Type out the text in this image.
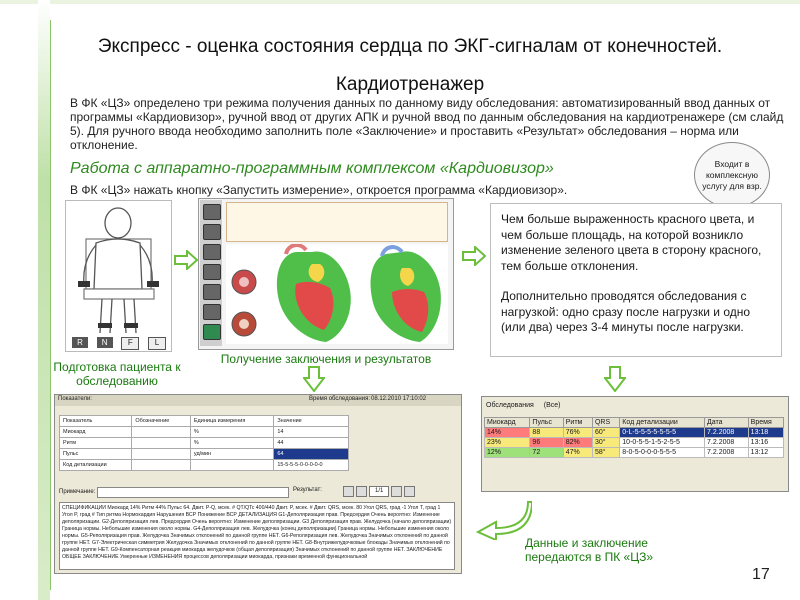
Экспресс - оценка состояния сердца по ЭКГ-сигналам от конечностей.
Кардиотренажер
В ФК «ЦЗ» определено три режима получения данных по данному виду обследования: автоматизированный ввод данных от программы «Кардиовизор», ручной ввод от других АПК и ручной ввод по данным обследования на кардиотренажере (см слайд 5). Для ручного ввода необходимо заполнить поле «Заключение» и проставить «Результат» обследования – норма или отклонение.
Работа с аппаратно-программным комплексом «Кардиовизор»
В ФК «ЦЗ» нажать кнопку «Запустить измерение», откроется программа «Кардиовизор».
Входит в комплексную услугу для взр.
R	N	F	L
Подготовка пациента к обследованию
Получение заключения и результатов

Чем больше выраженность красного цвета, и чем больше площадь, на которой возникло изменение зеленого цвета в сторону красного, тем больше отклонения.

Дополнительно проводятся обследования с нагрузкой: одно сразу после нагрузки и одно (или два) через 3-4 минуты после нагрузки.

Показатели:	Время обследования: 08.12.2010 17:10:02
Показатель	Обозначение	Единица измерения	Значение
Миокард		%	14
Ритм		%	44
Пульс		уд/мин	64
Код детализации			15-5-5-5-0-0-0-0-0
Примечание:	Результат:	1/1
СПЕЦИФИКАЦИИ Миокард 14% Ритм 44% Пульс 64. Двит. P-Q, мсек. # QT/QTc 400/440 Двит. P, мсек. # Двит. QRS, мсек. 80 Угол QRS, град -1 Угол T, град 1 Угол P, град # Тип ритма Нормокардия Нарушения ВСР Понижение ВСР ДЕТАЛИЗАЦИЯ G1-Деполяризация прав. Предсердия Очень вероятно: Изменение деполяризации. G2-Деполяризация лев. Предсердия Очень вероятно: Изменение деполяризации. G3 Деполяризация прав. Желудочка (начало деполяризации) Граница нормы. Небольшие изменения около нормы. G4-Деполяризация лев. Желудочка (конец деполяризации) Граница нормы. Небольшие изменения около нормы. G5-Реполяризация прав. Желудочка Значимых отклонений по данной группе НЕТ. G6-Реполяризация лев. Желудочка Значимых отклонений по данной группе НЕТ. G7-Электрическая симметрия Желудочка Значимых отклонений по данной группе НЕТ. G8-Внутрижелудочковые блокады Значимых отклонений по данной группе НЕТ. G9-Компенсаторная реакция миокарда желудочков (общая деполяризация) Значимых отклонений по данной группе НЕТ. ЗАКЛЮЧЕНИЕ ОБЩЕЕ ЗАКЛЮЧЕНИЕ Умеренные ИЗМЕНЕНИЯ процессов деполяризации миокарда, признаки временной функциональной
Обследования (Все)
Миокард	Пульс	Ритм	QRS	Код детализации	Дата	Время
14%	88	76%	60°	0-L-5-5-5-5-5-5-5	7.2.2008	13:18
23%	96	82%	30°	10-0-5-5-1-5-2-5-5	7.2.2008	13:16
12%	72	47%	58°	8-0-5-0-0-0-5-5-5	7.2.2008	13:12
Данные и заключение передаются в ПК «ЦЗ»
17
